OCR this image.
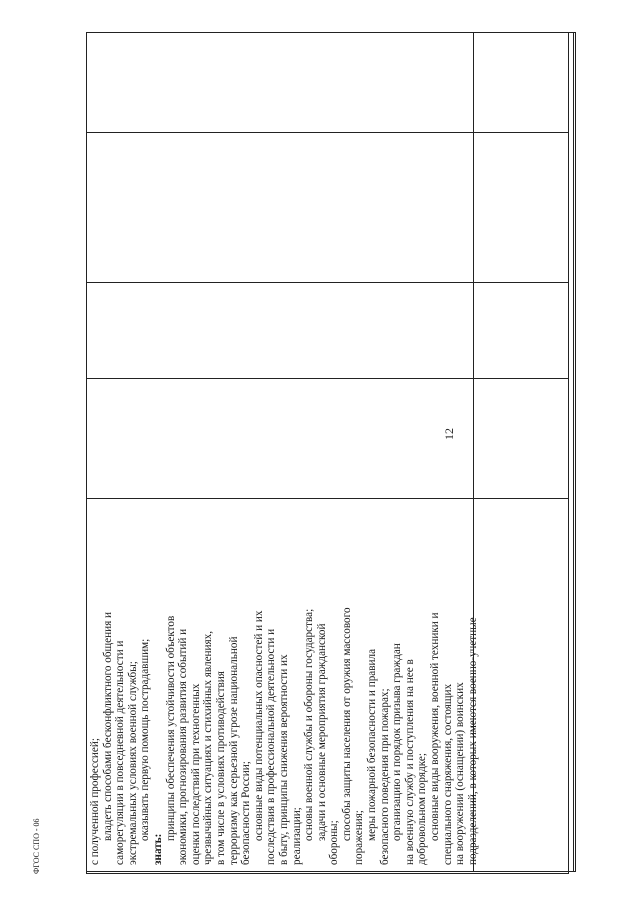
12
с полученной профессией; владеть способами бесконфликтного общения и саморегуляции в повседневной деятельности и экстремальных условиях военной службы; оказывать первую помощь пострадавшим;
знать:
принципы обеспечения устойчивости объектов экономики, прогнозирования развития событий и оценки последствий при техногенных чрезвычайных ситуациях и стихийных явлениях, в том числе в условиях противодействия терроризму как серьезной угрозе национальной безопасности России; основные виды потенциальных опасностей и их последствия в профессиональной деятельности и в быту, принципы снижения вероятности их реализации; основы военной службы и обороны государства; задачи и основные мероприятия гражданской
обороны;
способы защиты населения от оружия массового поражения; меры пожарной безопасности и правила безопасного поведения при пожарах; организацию и порядок призыва граждан на военную службу и поступления на нее в добровольном порядке; основные виды вооружения, военной техники и специального снаряжения, состоящих на вооружении (оснащении) воинских подразделений, в которых имеются военно-учетные
ФГОС СПО - 06
